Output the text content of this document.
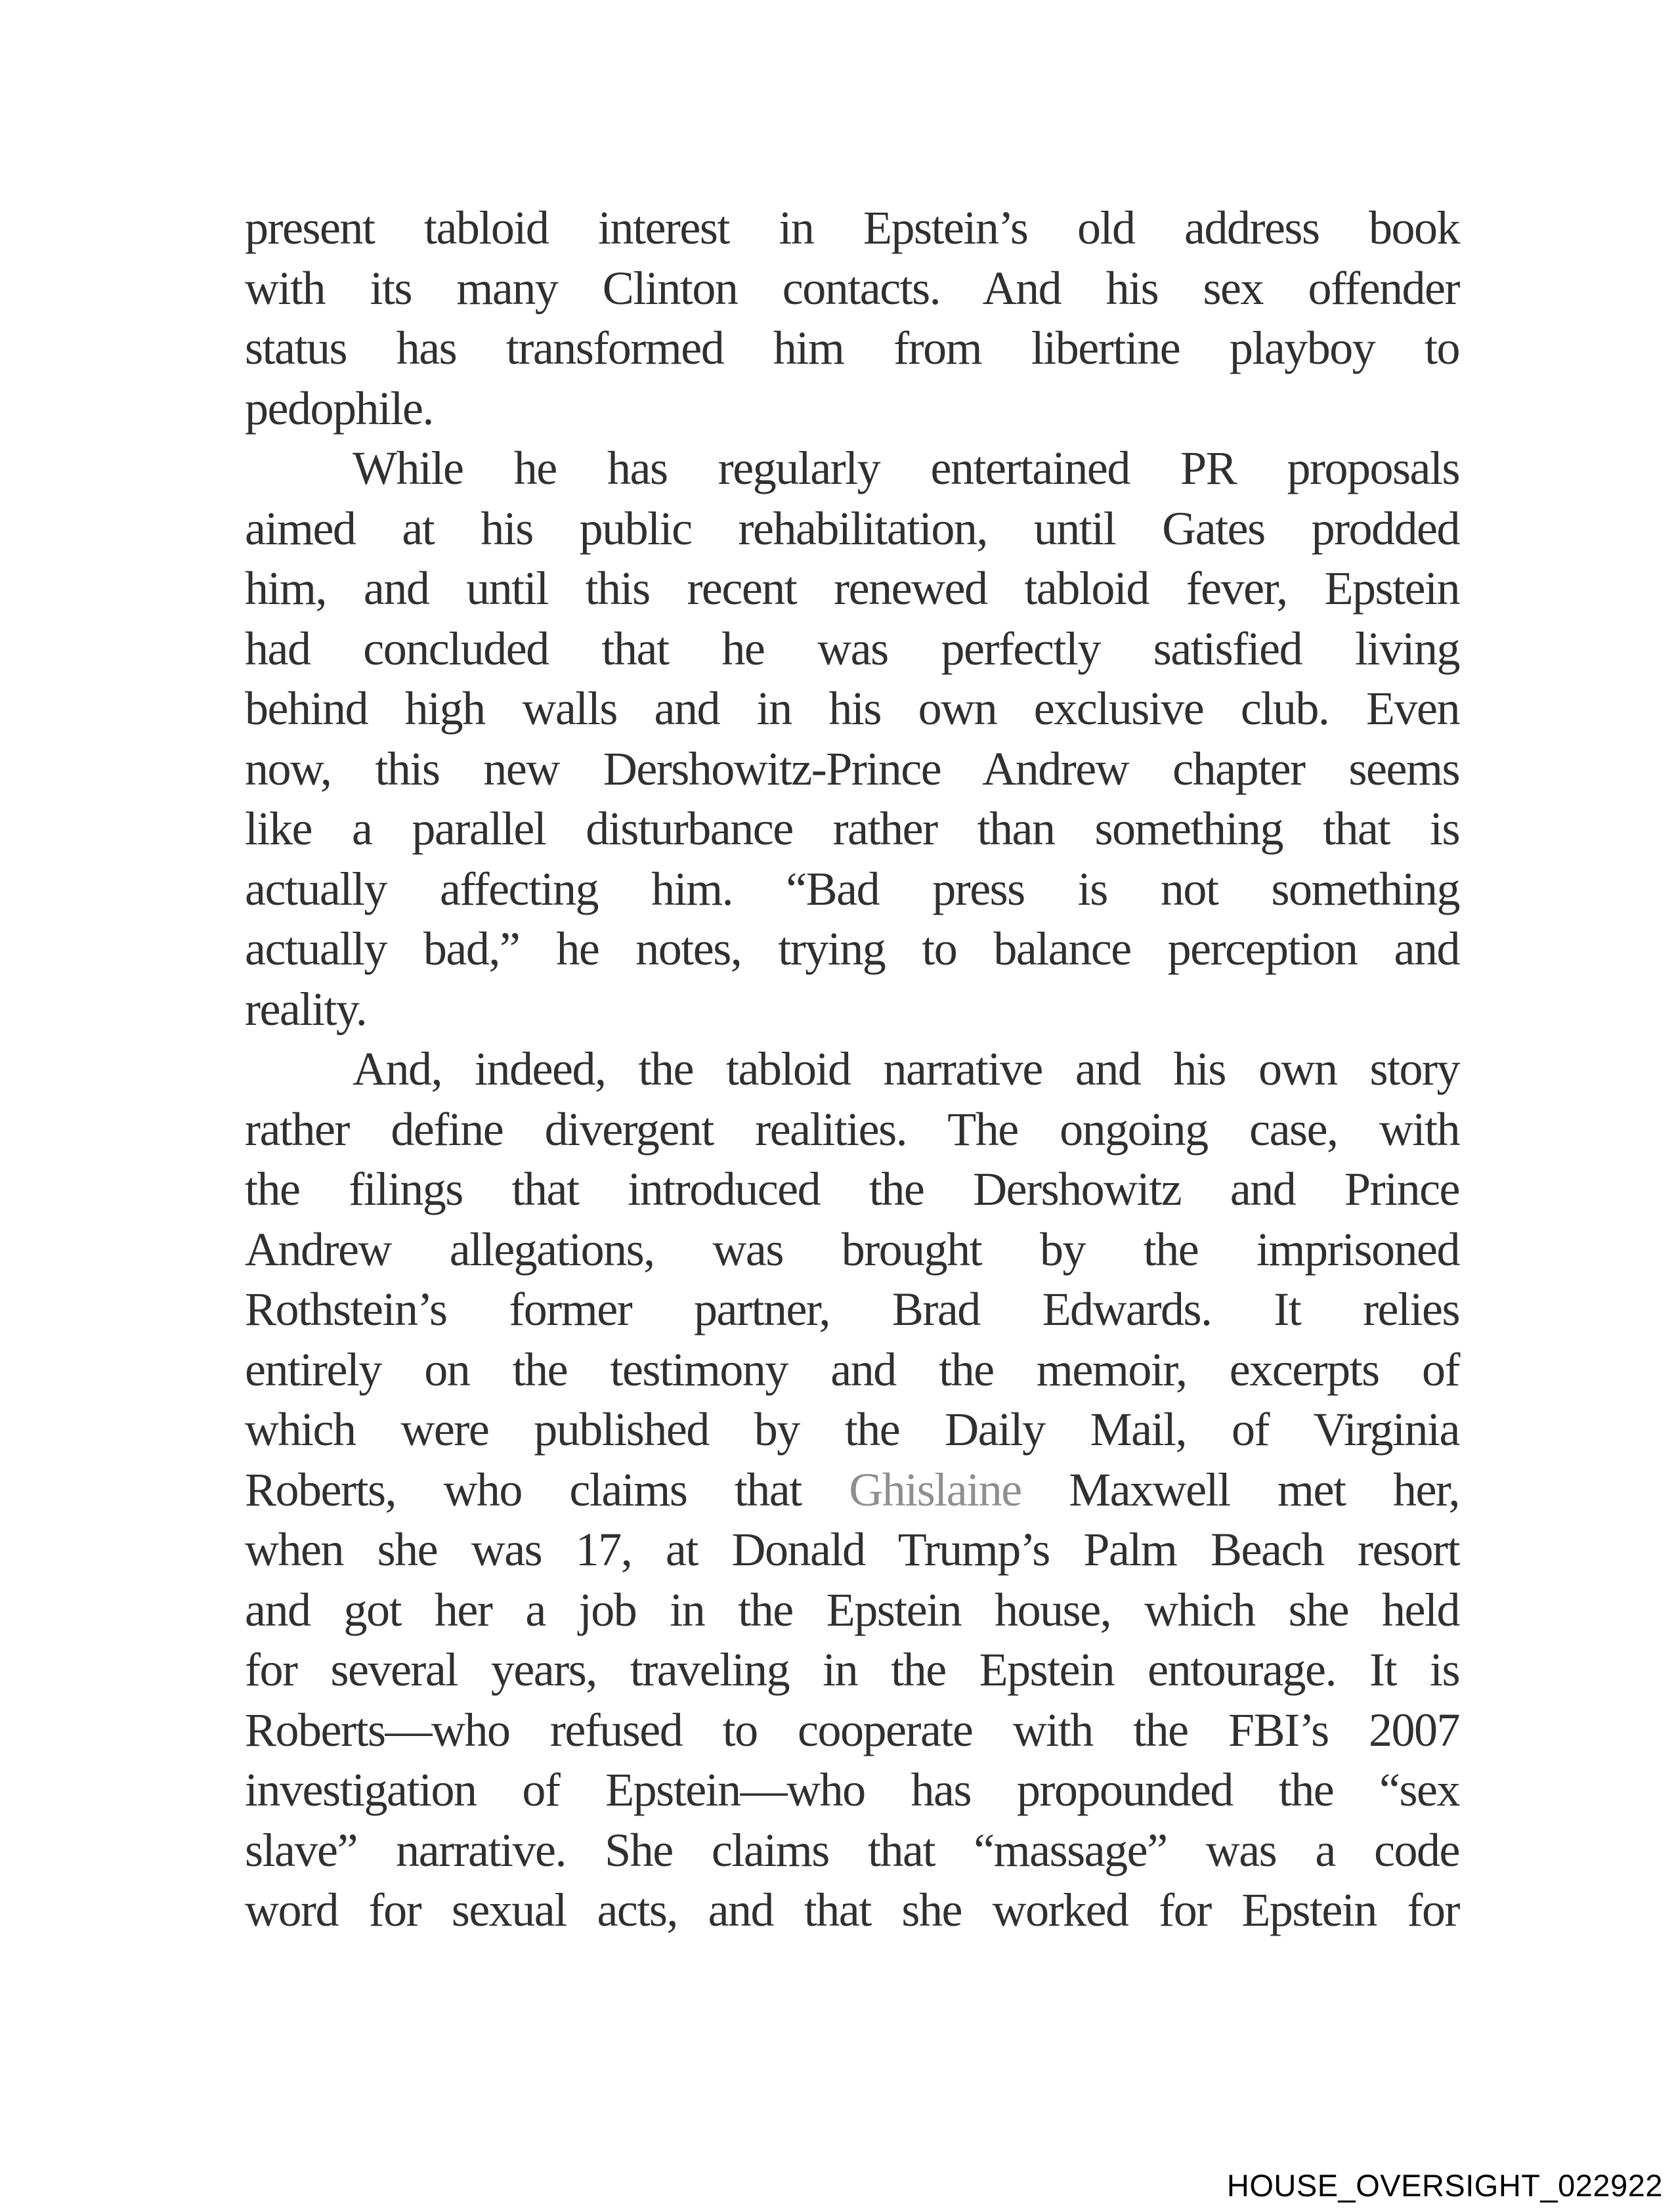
present tabloid interest in Epstein’s old address book
with its many Clinton contacts. And his sex offender
status has transformed him from libertine playboy to
pedophile.
While he has regularly entertained PR proposals
aimed at his public rehabilitation, until Gates prodded
him, and until this recent renewed tabloid fever, Epstein
had concluded that he was perfectly satisfied living
behind high walls and in his own exclusive club. Even
now, this new Dershowitz-Prince Andrew chapter seems
like a parallel disturbance rather than something that is
actually affecting him. “Bad press is not something
actually bad,” he notes, trying to balance perception and
reality.
And, indeed, the tabloid narrative and his own story
rather define divergent realities. The ongoing case, with
the filings that introduced the Dershowitz and Prince
Andrew allegations, was brought by the imprisoned
Rothstein’s former partner, Brad Edwards. It relies
entirely on the testimony and the memoir, excerpts of
which were published by the Daily Mail, of Virginia
Roberts, who claims that Ghislaine Maxwell met her,
when she was 17, at Donald Trump’s Palm Beach resort
and got her a job in the Epstein house, which she held
for several years, traveling in the Epstein entourage. It is
Roberts—who refused to cooperate with the FBI’s 2007
investigation of Epstein—who has propounded the “sex
slave” narrative. She claims that “massage” was a code
word for sexual acts, and that she worked for Epstein for
HOUSE_OVERSIGHT_022922
